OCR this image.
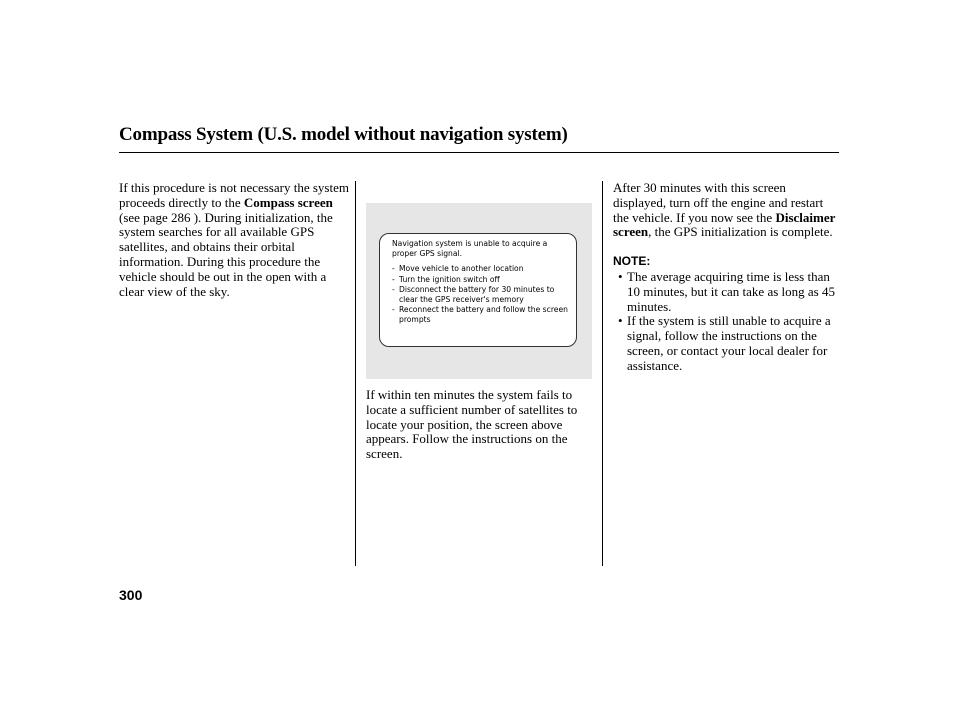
Compass System (U.S. model without navigation system)

If this procedure is not necessary the system proceeds directly to the Compass screen (see page 286 ). During initialization, the system searches for all available GPS satellites, and obtains their orbital information. During this procedure the vehicle should be out in the open with a clear view of the sky.

Navigation system is unable to acquire a proper GPS signal.
- Move vehicle to another location
- Turn the ignition switch off
- Disconnect the battery for 30 minutes to clear the GPS receiver's memory
- Reconnect the battery and follow the screen prompts

If within ten minutes the system fails to locate a sufficient number of satellites to locate your position, the screen above appears. Follow the instructions on the screen.

After 30 minutes with this screen displayed, turn off the engine and restart the vehicle. If you now see the Disclaimer screen, the GPS initialization is complete.

NOTE:
• The average acquiring time is less than 10 minutes, but it can take as long as 45 minutes.
• If the system is still unable to acquire a signal, follow the instructions on the screen, or contact your local dealer for assistance.
300
